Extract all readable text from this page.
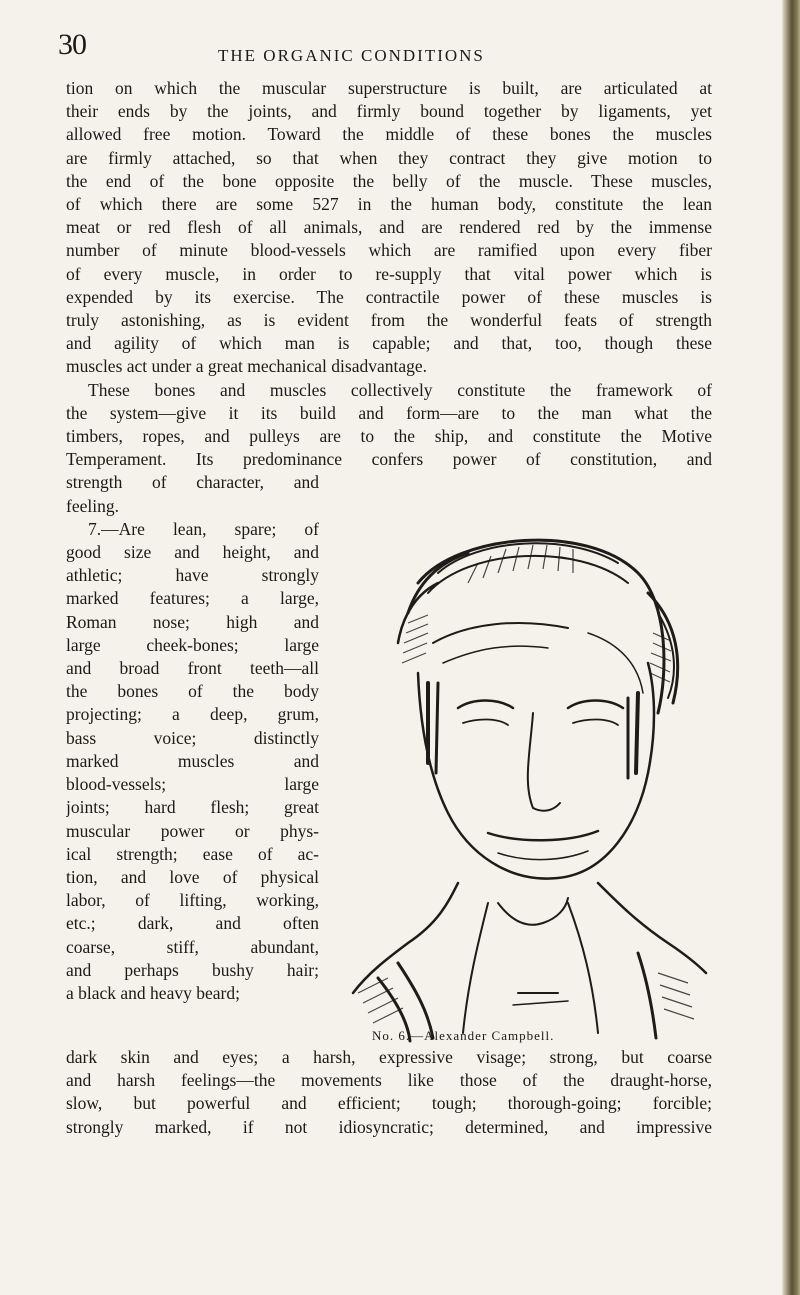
30	THE ORGANIC CONDITIONS
tion on which the muscular superstructure is built, are articulated at
their ends by the joints, and firmly bound together by ligaments, yet
allowed free motion. Toward the middle of these bones the muscles
are firmly attached, so that when they contract they give motion to
the end of the bone opposite the belly of the muscle. These muscles,
of which there are some 527 in the human body, constitute the lean
meat or red flesh of all animals, and are rendered red by the immense
number of minute blood-vessels which are ramified upon every fiber
of every muscle, in order to re-supply that vital power which is
expended by its exercise. The contractile power of these muscles is
truly astonishing, as is evident from the wonderful feats of strength
and agility of which man is capable; and that, too, though these
muscles act under a great mechanical disadvantage.
These bones and muscles collectively constitute the framework of
the system—give it its build and form—are to the man what the
timbers, ropes, and pulleys are to the ship, and constitute the Motive
Temperament. Its predominance confers power of constitution, and
strength of character, and
feeling.
7.—Are lean, spare; of
good size and height, and
athletic; have strongly
marked features; a large,
Roman nose; high and
large cheek-bones; large
and broad front teeth—all
the bones of the body
projecting; a deep, grum,
bass voice; distinctly
marked muscles and
blood-vessels; large
joints; hard flesh; great
muscular power or phys-
ical strength; ease of ac-
tion, and love of physical
labor, of lifting, working,
etc.; dark, and often
coarse, stiff, abundant,
and perhaps bushy hair;
a black and heavy beard;
No. 6.—Alexander Campbell.
dark skin and eyes; a harsh, expressive visage; strong, but coarse
and harsh feelings—the movements like those of the draught-horse,
slow, but powerful and efficient; tough; thorough-going; forcible;
strongly marked, if not idiosyncratic; determined, and impressive
